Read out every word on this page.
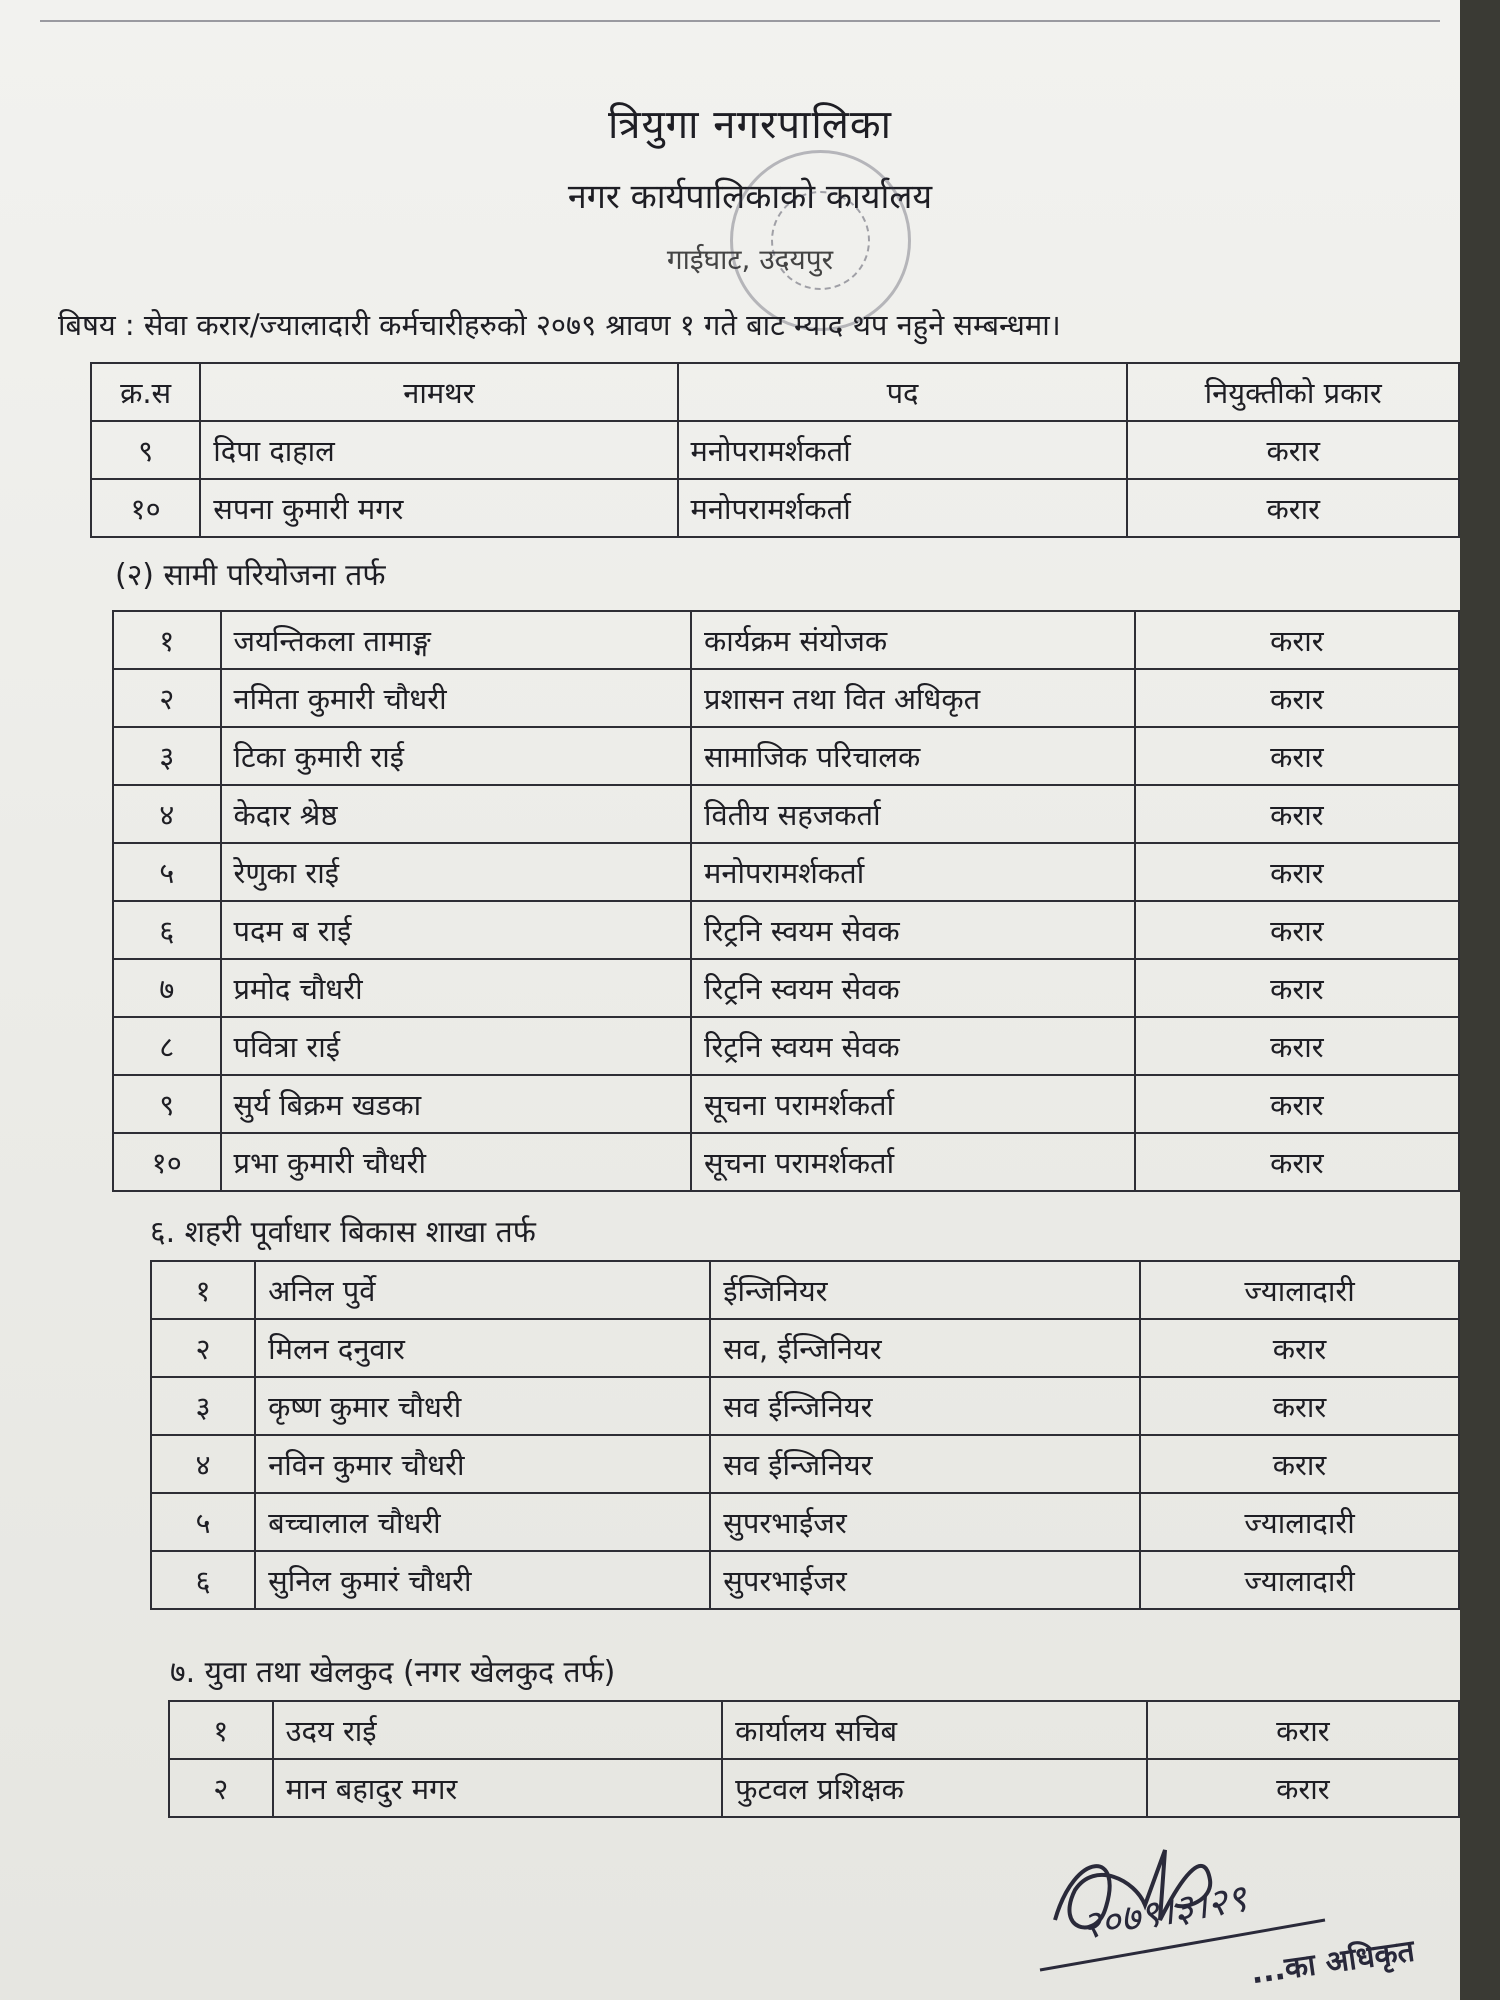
त्रियुगा नगरपालिका
नगर कार्यपालिकाको कार्यालय
गाईघाट, उदयपुर
बिषय : सेवा करार/ज्यालादारी कर्मचारीहरुको २०७९ श्रावण १ गते बाट म्याद थप नहुने सम्बन्धमा।
क्र.स	नामथर	पद	नियुक्तीको प्रकार
९	दिपा दाहाल	मनोपरामर्शकर्ता	करार
१०	सपना कुमारी मगर	मनोपरामर्शकर्ता	करार
(२) सामी परियोजना तर्फ
१	जयन्तिकला तामाङ्ग	कार्यक्रम संयोजक	करार
२	नमिता कुमारी चौधरी	प्रशासन तथा वित अधिकृत	करार
३	टिका कुमारी राई	सामाजिक परिचालक	करार
४	केदार श्रेष्ठ	वितीय सहजकर्ता	करार
५	रेणुका राई	मनोपरामर्शकर्ता	करार
६	पदम ब राई	रिट्रनि स्वयम सेवक	करार
७	प्रमोद चौधरी	रिट्रनि स्वयम सेवक	करार
८	पवित्रा राई	रिट्रनि स्वयम सेवक	करार
९	सुर्य बिक्रम खडका	सूचना परामर्शकर्ता	करार
१०	प्रभा कुमारी चौधरी	सूचना परामर्शकर्ता	करार
६. शहरी पूर्वाधार बिकास शाखा तर्फ
१	अनिल पुर्वे	ईन्जिनियर	ज्यालादारी
२	मिलन दनुवार	सव, ईन्जिनियर	करार
३	कृष्ण कुमार चौधरी	सव ईन्जिनियर	करार
४	नविन कुमार चौधरी	सव ईन्जिनियर	करार
५	बच्चालाल चौधरी	सुपरभाईजर	ज्यालादारी
६	सुनिल कुमारं चौधरी	सुपरभाईजर	ज्यालादारी
७. युवा तथा खेलकुद (नगर खेलकुद तर्फ)
१	उदय राई	कार्यालय सचिब	करार
२	मान बहादुर मगर	फुटवल प्रशिक्षक	करार
२०७९।३।२९
...का अधिकृत
